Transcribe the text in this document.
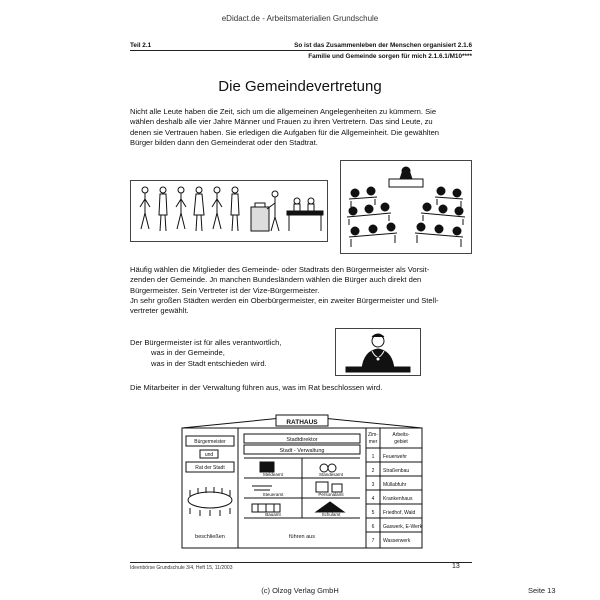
eDidact.de - Arbeitsmaterialien Grundschule
Teil 2.1	So ist das Zusammenleben der Menschen organisiert 2.1.6
Familie und Gemeinde sorgen für mich 2.1.6.1/M10****
Die Gemeindevertretung

Nicht alle Leute haben die Zeit, sich um die allgemeinen Angelegenheiten zu kümmern. Sie

wählen deshalb alle vier Jahre Männer und Frauen zu ihren Vertretern. Das sind Leute, zu

denen sie Vertrauen haben. Sie erledigen die Aufgaben für die Allgemeinheit. Die gewählten

Bürger bilden dann den Gemeinderat oder den Stadtrat.

Häufig wählen die Mitglieder des Gemeinde- oder Stadtrats den Bürgermeister als Vorsit-

zenden der Gemeinde. Jn manchen Bundesländern wählen die Bürger auch direkt den

Bürgermeister. Sein Vertreter ist der Vize-Bürgermeister.

Jn sehr großen Städten werden ein Oberbürgermeister, ein zweiter Bürgermeister und Stell-

vertreter gewählt.

Der Bürgermeister ist für alles verantwortlich,

was in der Gemeinde,

was in der Stadt entschieden wird.

Die Mitarbeiter in der Verwaltung führen aus, was im Rat beschlossen wird.
RATHAUS
Bürgermeister
und
Rat der Stadt
beschließen
Stadtdirektor
Stadt - Verwaltung
Meldeamt	Standesamt
Steueramt	Personalamt
Bauamt	Schulamt
führen aus
Zim-
mer
Arbeits-
gebiet
1 Feuerwehr
2 Straßenbau
3 Müllabfuhr
4 Krankenhaus
5 Friedhof, Wald
6 Gaswerk, E-Werk
7 Wasserwerk
Ideenbörse Grundschule 3/4, Heft 15, 11/2003	13
(c) Olzog Verlag GmbH	Seite 13
